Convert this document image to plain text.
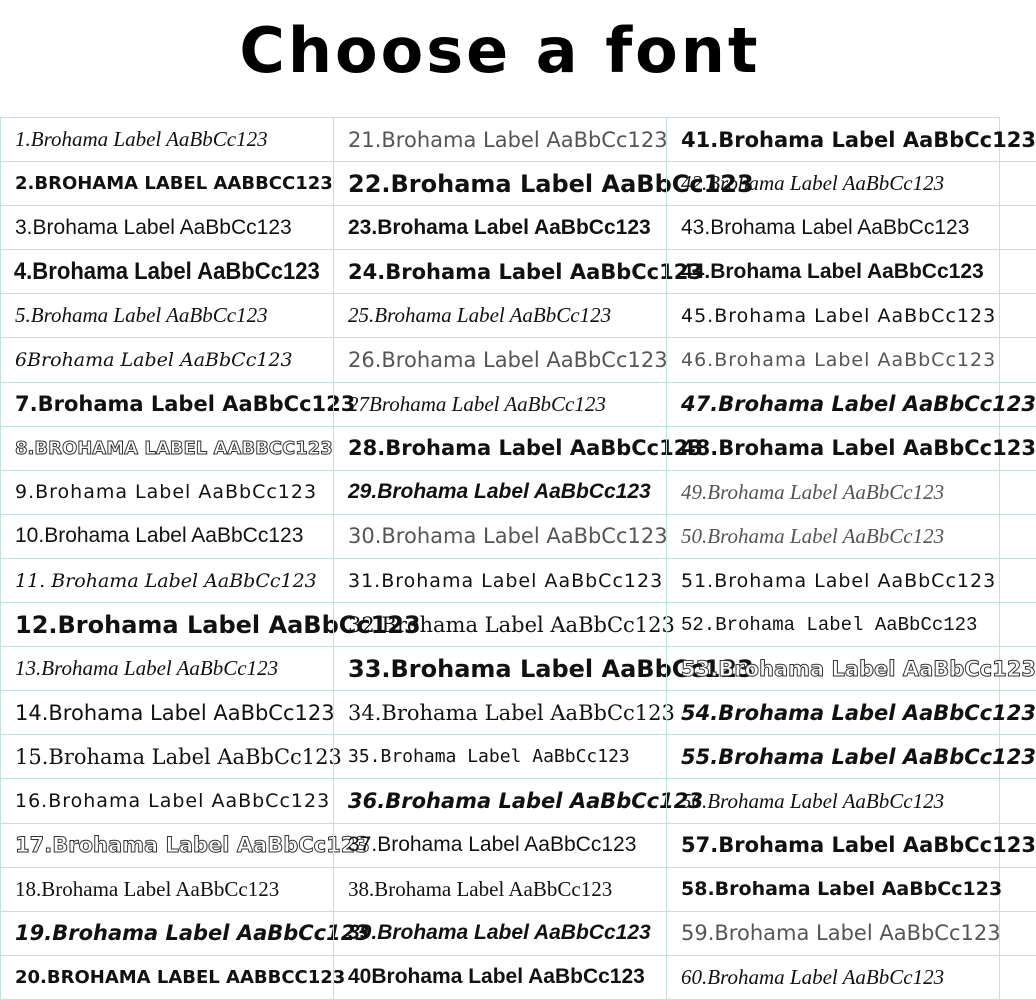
Choose a font
1.Brohama Label AaBbCc123
2.BROHAMA LABEL AABBCC123
3.Brohama Label AaBbCc123
4.Brohama Label AaBbCc123
5.Brohama Label AaBbCc123
6Brohama Label AaBbCc123
7.Brohama Label AaBbCc123
8.BROHAMA LABEL AABBCC123
9.Brohama Label AaBbCc123
10.Brohama Label AaBbCc123
11. Brohama Label AaBbCc123
12.Brohama Label AaBbCc123
13.Brohama Label AaBbCc123
14.Brohama Label AaBbCc123
15.Brohama Label AaBbCc123
16.Brohama Label AaBbCc123
17.Brohama Label AaBbCc123
18.Brohama Label AaBbCc123
19.Brohama Label AaBbCc123
20.BROHAMA LABEL AABBCC123
21.Brohama Label AaBbCc123
22.Brohama Label AaBbCc123
23.Brohama Label AaBbCc123
24.Brohama Label AaBbCc123
25.Brohama Label AaBbCc123
26.Brohama Label AaBbCc123
27Brohama Label AaBbCc123
28.Brohama Label AaBbCc123
29.Brohama Label AaBbCc123
30.Brohama Label AaBbCc123
31.Brohama Label AaBbCc123
32.Brohama Label AaBbCc123
33.Brohama Label AaBbCc123
34.Brohama Label AaBbCc123
35.Brohama Label AaBbCc123
36.Brohama Label AaBbCc123
37.Brohama Label AaBbCc123
38.Brohama Label AaBbCc123
39.Brohama Label AaBbCc123
40Brohama Label AaBbCc123
41.Brohama Label AaBbCc123
42.Brohama Label AaBbCc123
43.Brohama Label AaBbCc123
44.Brohama Label AaBbCc123
45.Brohama Label AaBbCc123
46.Brohama Label AaBbCc123
47.Brohama Label AaBbCc123
48.Brohama Label AaBbCc123
49.Brohama Label AaBbCc123
50.Brohama Label AaBbCc123
51.Brohama Label AaBbCc123
52.Brohama Label AaBbCc123
53.Brohama Label AaBbCc123
54.Brohama Label AaBbCc123
55.Brohama Label AaBbCc123
56.Brohama Label AaBbCc123
57.Brohama Label AaBbCc123
58.Brohama Label AaBbCc123
59.Brohama Label AaBbCc123
60.Brohama Label AaBbCc123
